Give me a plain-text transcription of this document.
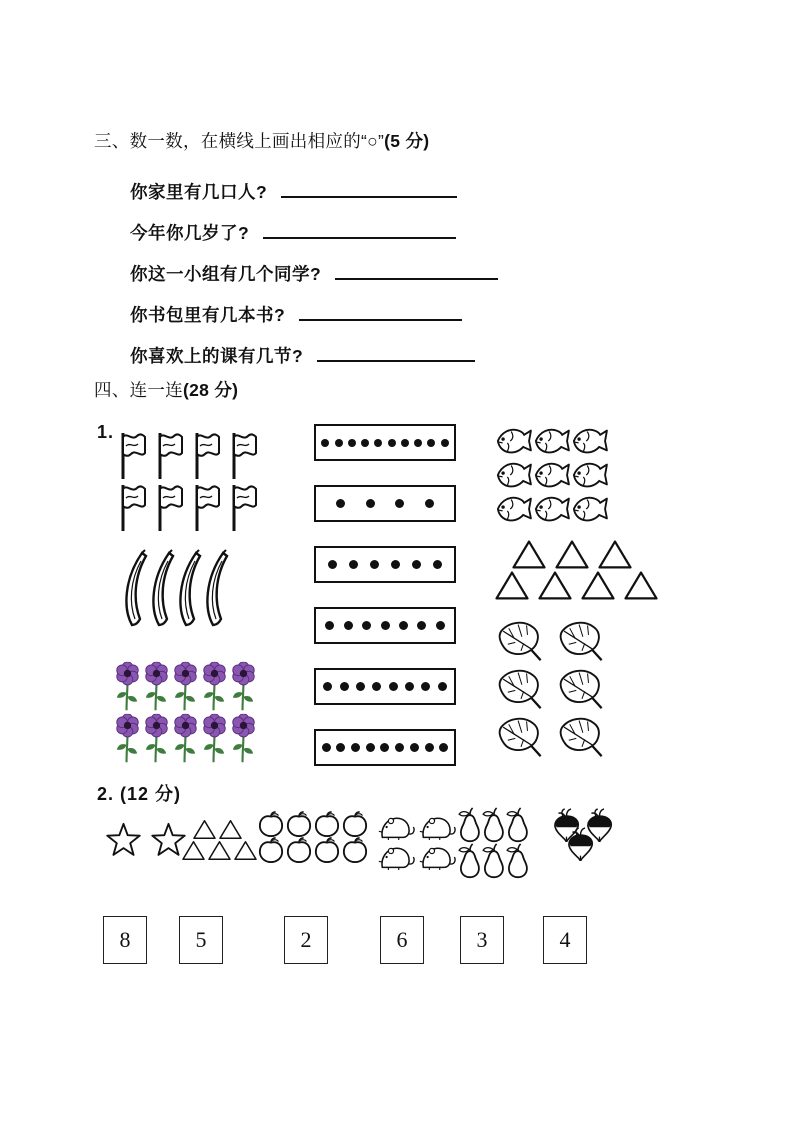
三、数一数，在横线上画出相应的“○”(5 分)
你家里有几口人?
今年你几岁了?
你这一小组有几个同学?
你书包里有几本书?
你喜欢上的课有几节?
四、连一连(28 分)
1.
2. (12 分)
8	5	2	6	3	4
